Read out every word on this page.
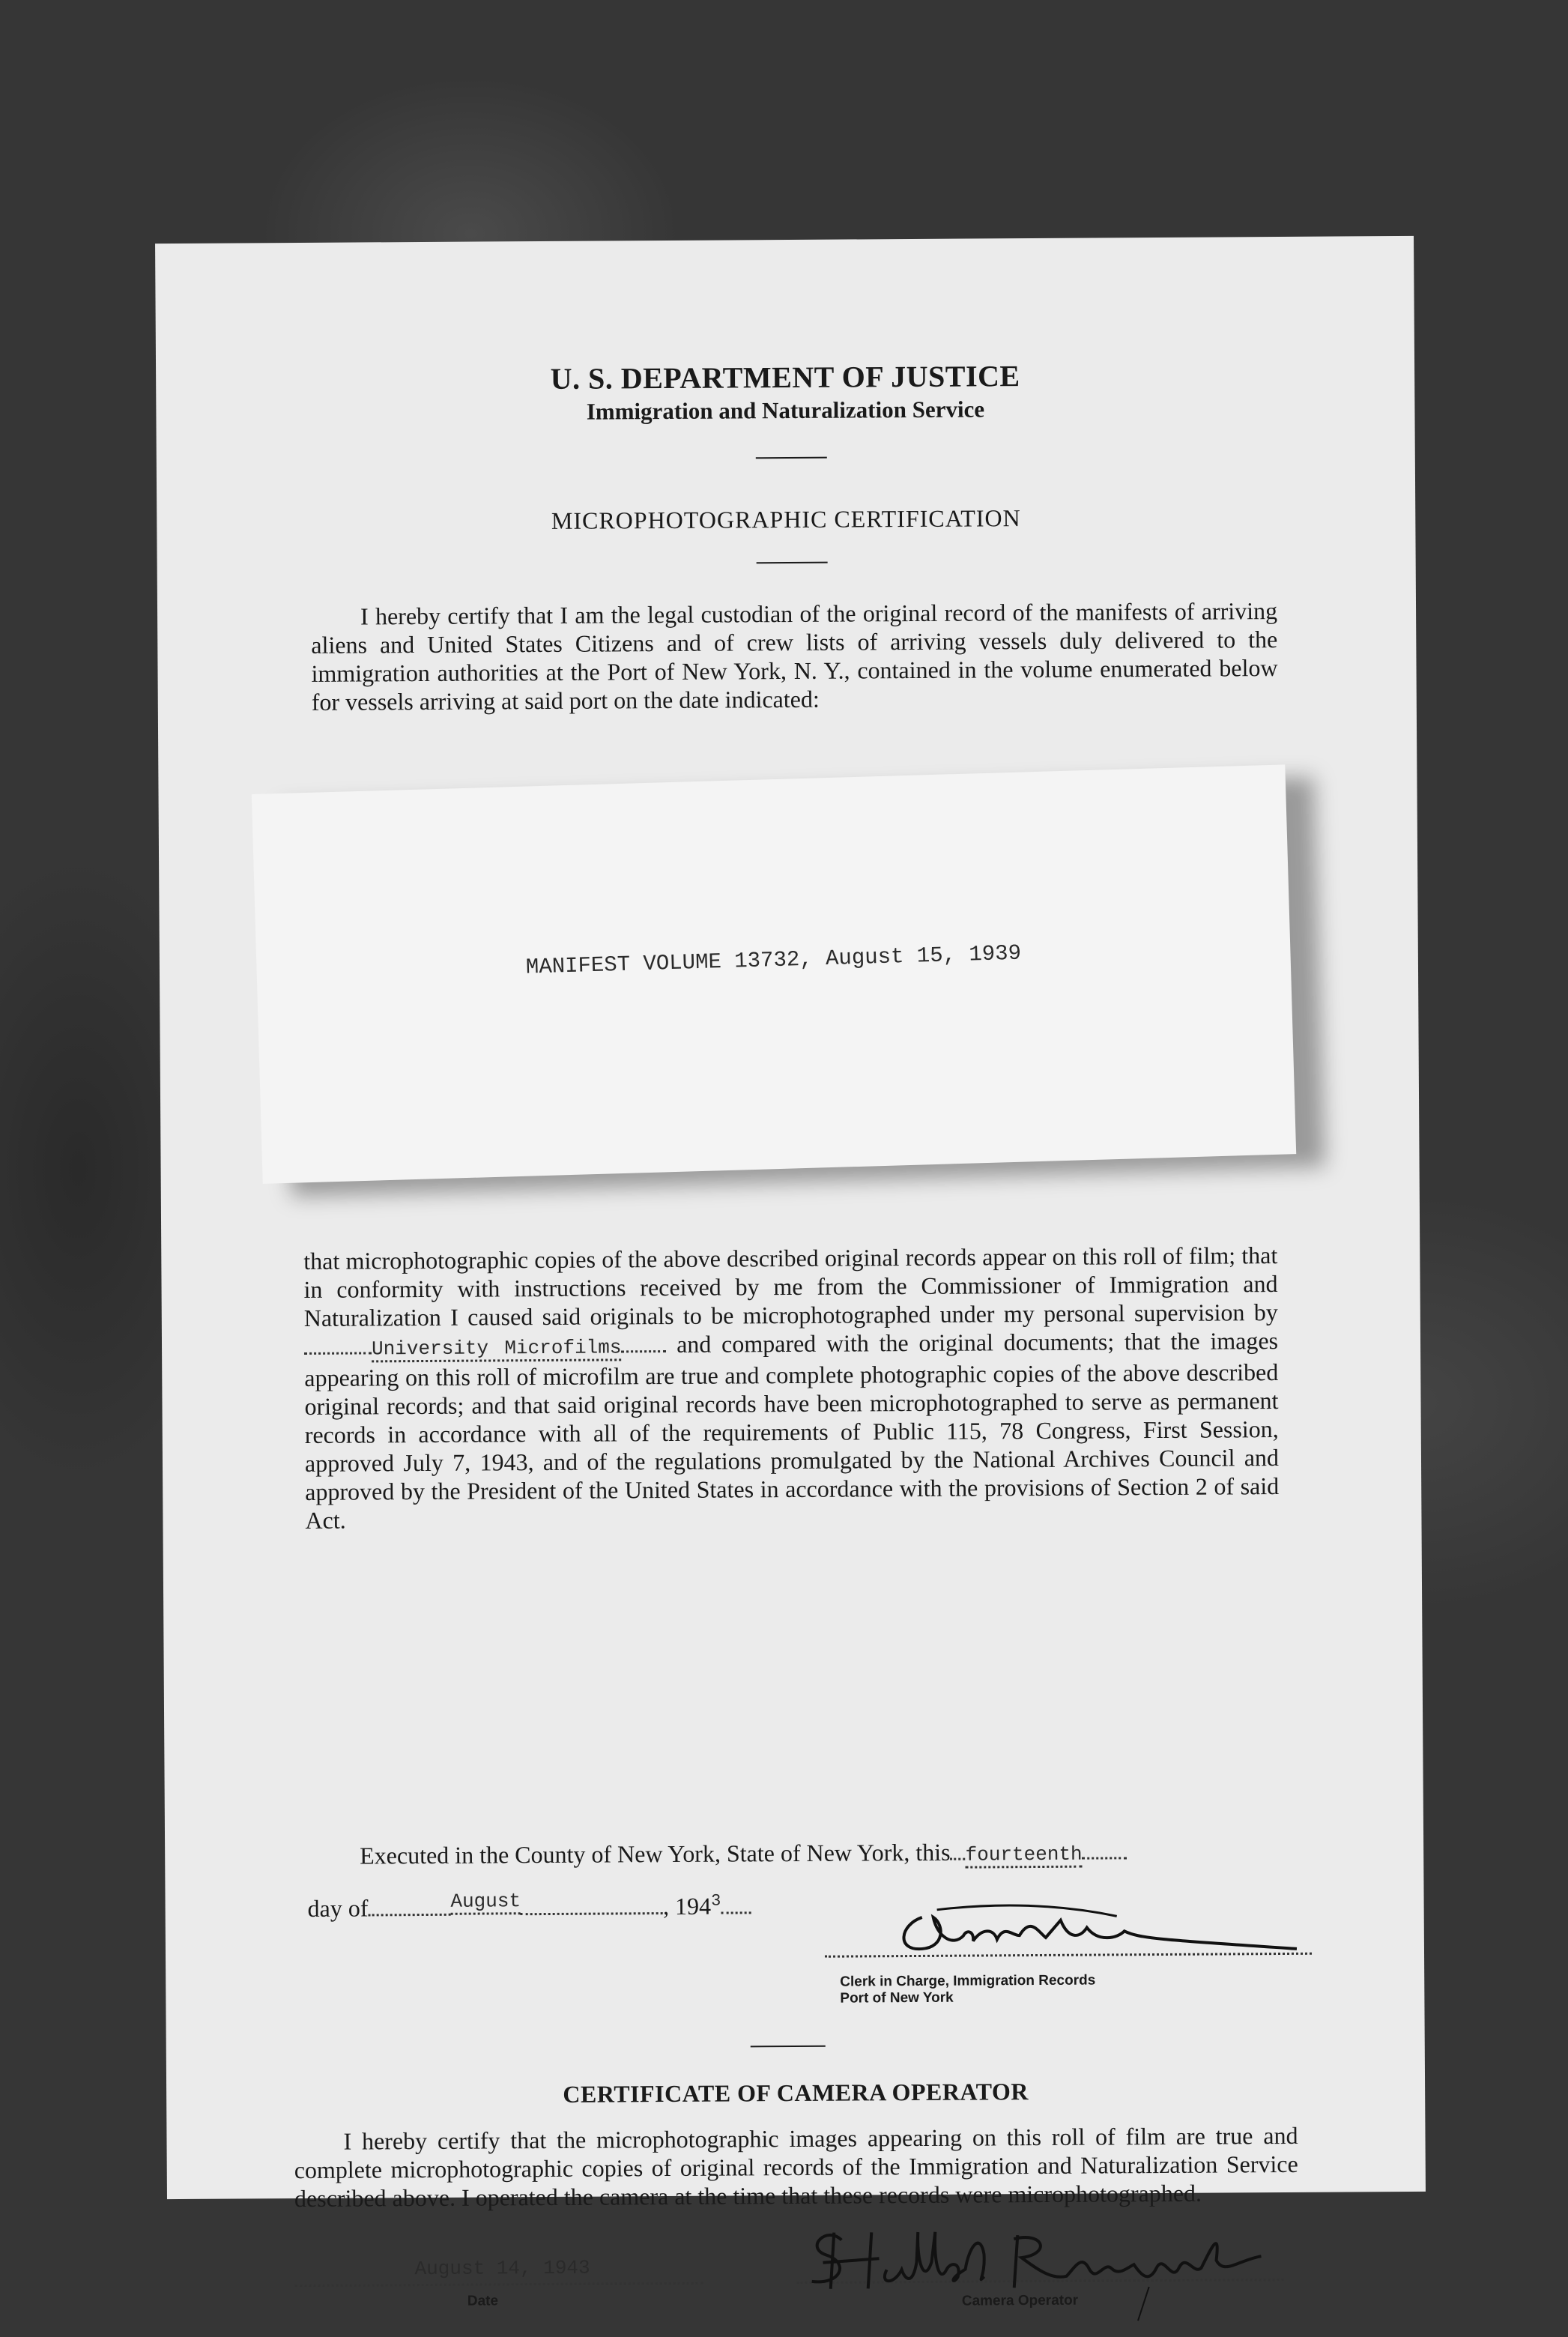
U. S. DEPARTMENT OF JUSTICE
Immigration and Naturalization Service
MICROPHOTOGRAPHIC CERTIFICATION
I hereby certify that I am the legal custodian of the original record of the manifests of arriving aliens and United States Citizens and of crew lists of arriving vessels duly delivered to the immigration authorities at the Port of New York, N. Y., contained in the volume enumerated below for vessels arriving at said port on the date indicated:
MANIFEST VOLUME 13732, August 15, 1939
that microphotographic copies of the above described original records appear on this roll of film; that in conformity with instructions received by me from the Commissioner of Immigration and Naturalization I caused said originals to be microphotographed under my personal supervision byUniversity Microfilms and compared with the original documents; that the images appearing on this roll of microfilm are true and complete photographic copies of the above described original records; and that said original records have been microphotographed to serve as permanent records in accordance with all of the requirements of Public 115, 78 Congress, First Session, approved July 7, 1943, and of the regulations promulgated by the National Archives Council and approved by the President of the United States in accordance with the provisions of Section 2 of said Act.
Executed in the County of New York, State of New York, this fourteenth
day of	$^{August}$	, $194^3$
Clerk in Charge, Immigration Records
Port of New York
CERTIFICATE OF CAMERA OPERATOR
I hereby certify that the microphotographic images appearing on this roll of film are true and complete microphotographic copies of original records of the Immigration and Naturalization Service described above. I operated the camera at the time that these records were microphotographed.
August 14, 1943
Date	Camera Operator
